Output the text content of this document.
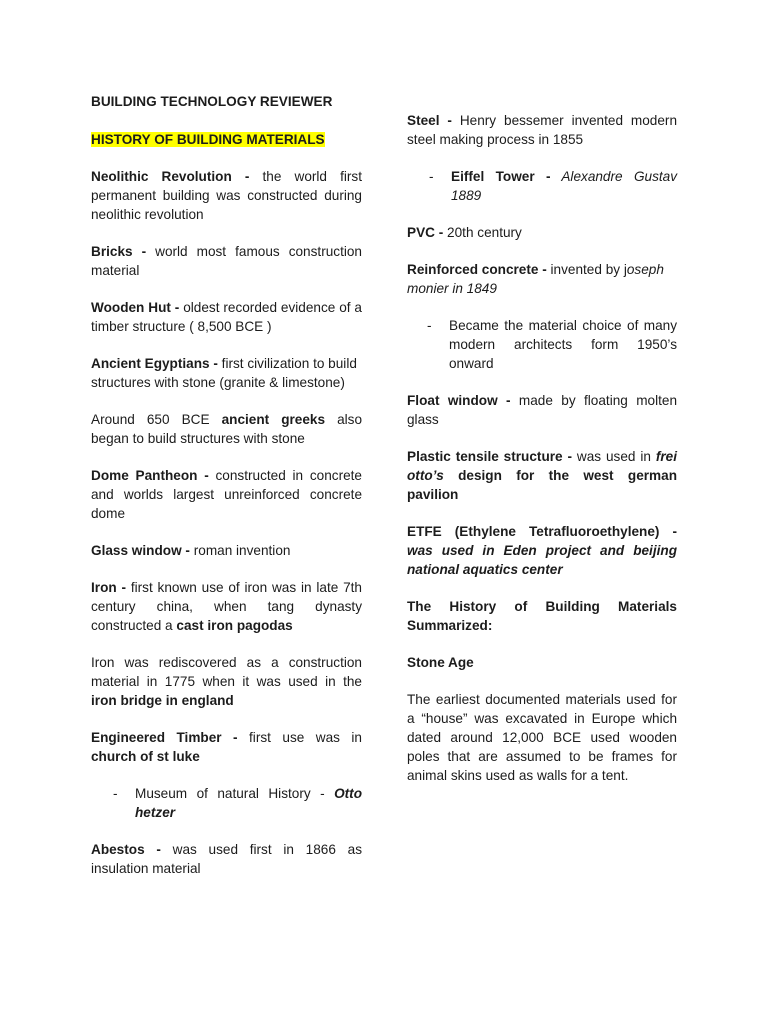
BUILDING TECHNOLOGY REVIEWER

HISTORY OF BUILDING MATERIALS

Neolithic Revolution - the world first permanent building was constructed during neolithic revolution

Bricks - world most famous construction material

Wooden Hut - oldest recorded evidence of a timber structure ( 8,500 BCE )

Ancient Egyptians - first civilization to build structures with stone (granite & limestone)

Around 650 BCE ancient greeks also began to build structures with stone

Dome Pantheon - constructed in concrete and worlds largest unreinforced concrete dome

Glass window - roman invention

Iron - first known use of iron was in late 7th century china, when tang dynasty constructed a cast iron pagodas

Iron was rediscovered as a construction material in 1775 when it was used in the iron bridge in england

Engineered Timber - first use was in church of st luke

-	Museum of natural History - Otto hetzer

Abestos - was used first in 1866 as insulation material

Steel - Henry bessemer invented modern steel making process in 1855

-	Eiffel Tower - Alexandre Gustav 1889

PVC - 20th century

Reinforced concrete - invented by joseph monier in 1849

-	Became the material choice of many modern architects form 1950’s onward

Float window - made by floating molten glass

Plastic tensile structure - was used in frei otto’s design for the west german pavilion

ETFE (Ethylene Tetrafluoroethylene) - was used in Eden project and beijing national aquatics center

The History of Building Materials Summarized:

Stone Age

The earliest documented materials used for a “house” was excavated in Europe which dated around 12,000 BCE used wooden poles that are assumed to be frames for animal skins used as walls for a tent.
